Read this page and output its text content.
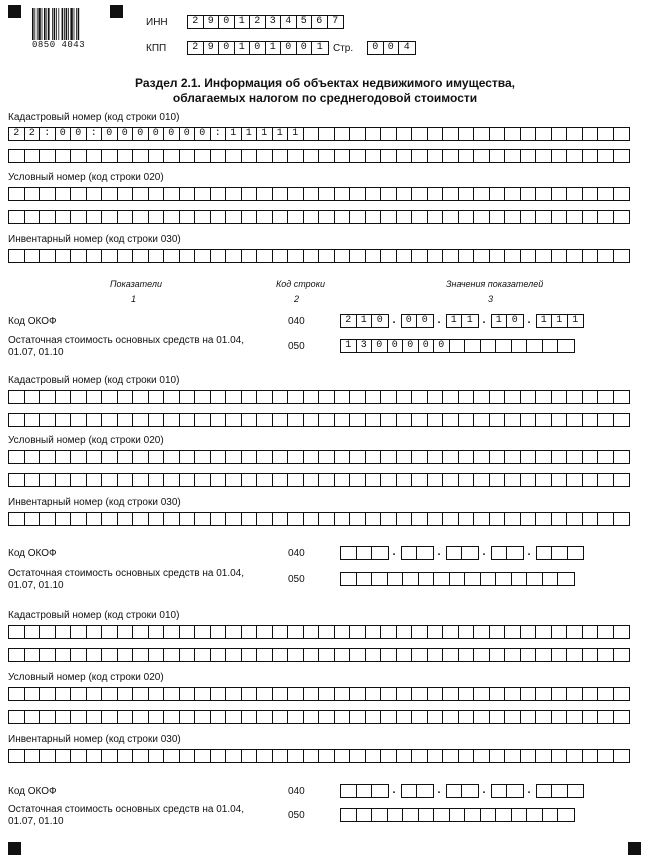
0850 4043
ИНН	2 9 0 1 2 3 4 5 6 7
КПП	2 9 0 1 0 1 0 0 1	Стр.	0 0 4
Раздел 2.1. Информация об объектах недвижимого имущества,
облагаемых налогом по среднегодовой стоимости
Показатели	Код строки	Значения показателей
1	2	3
Кадастровый номер (код строки 010)
2 2 : 0 0 : 0 0 0 0 0 0 0 : 1 1 1 1 1
Условный номер (код строки 020)
Инвентарный номер (код строки 030)
Код ОКОФ	040	2 1 0 .	0 0 .	1 1 .	1 0 .	1 1 1
Остаточная стоимость основных средств на 01.04,
01.07, 01.10
050	1 3 0 0 0 0 0
Кадастровый номер (код строки 010)
Условный номер (код строки 020)
Инвентарный номер (код строки 030)
Код ОКОФ	040	.	.	.	.
Остаточная стоимость основных средств на 01.04,
01.07, 01.10
050
Кадастровый номер (код строки 010)
Условный номер (код строки 020)
Инвентарный номер (код строки 030)
Код ОКОФ	040	.	.	.	.
Остаточная стоимость основных средств на 01.04,
01.07, 01.10
050
